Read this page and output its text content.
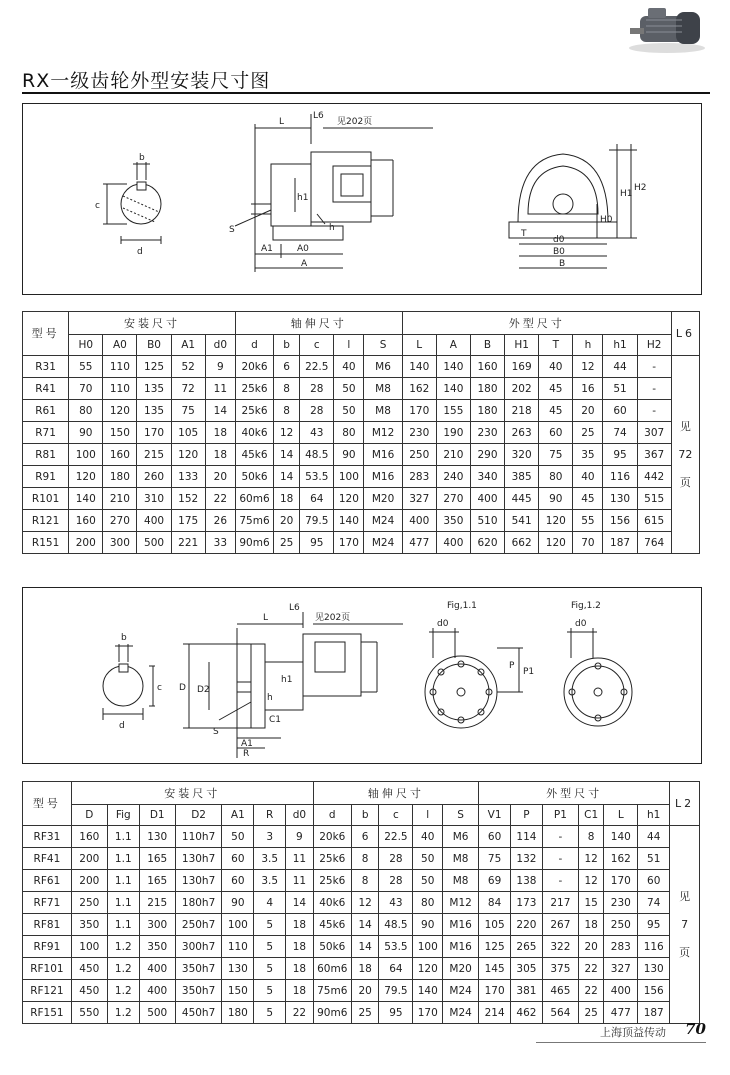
RX一级齿轮外型安装尺寸图
b
c
d
L
L6
见202页
h1
h
S
A1	A0
A
H1
H2
H0
T
d0
B0
B
型号	安装尺寸					轴伸尺寸					外型尺寸								L6
	H0	A0	B0	A1	d0	d	b	c	l	S	L	A	B	H1	T	h	h1	H2	
R31	55	110	125	52	9	20k6	6	22.5	40	M6	140	140	160	169	40	12	44	-	见
72
页

R41	70	110	135	72	11	25k6	8	28	50	M8	162	140	180	202	45	16	51	-	
R61	80	120	135	75	14	25k6	8	28	50	M8	170	155	180	218	45	20	60	-	
R71	90	150	170	105	18	40k6	12	43	80	M12	230	190	230	263	60	25	74	307	
R81	100	160	215	120	18	45k6	14	48.5	90	M16	250	210	290	320	75	35	95	367	
R91	120	180	260	133	20	50k6	14	53.5	100	M16	283	240	340	385	80	40	116	442	
R101	140	210	310	152	22	60m6	18	64	120	M20	327	270	400	445	90	45	130	515	
R121	160	270	400	175	26	75m6	20	79.5	140	M24	400	350	510	541	120	55	156	615	
R151	200	300	500	221	33	90m6	25	95	170	M24	477	400	620	662	120	70	187	764	
b
c
d
L
L6
见202页
D D2
h
h1
S
C1
A1
R
Fig,1.1	Fig,1.2
d0	d0
P1
P
型号	安装尺寸							轴伸尺寸					外型尺寸						L2
	D	Fig	D1	D2	A1	R	d0	d	b	c	l	S	V1	P	P1	C1	L	h1	
RF31	160	1.1	130	110h7	50	3	9	20k6	6	22.5	40	M6	60	114	-	8	140	44	见
7
页

RF41	200	1.1	165	130h7	60	3.5	11	25k6	8	28	50	M8	75	132	-	12	162	51	
RF61	200	1.1	165	130h7	60	3.5	11	25k6	8	28	50	M8	69	138	-	12	170	60	
RF71	250	1.1	215	180h7	90	4	14	40k6	12	43	80	M12	84	173	217	15	230	74	
RF81	350	1.1	300	250h7	100	5	18	45k6	14	48.5	90	M16	105	220	267	18	250	95	
RF91	100	1.2	350	300h7	110	5	18	50k6	14	53.5	100	M16	125	265	322	20	283	116	
RF101	450	1.2	400	350h7	130	5	18	60m6	18	64	120	M20	145	305	375	22	327	130	
RF121	450	1.2	400	350h7	150	5	18	75m6	20	79.5	140	M24	170	381	465	22	400	156	
RF151	550	1.2	500	450h7	180	5	22	90m6	25	95	170	M24	214	462	564	25	477	187	
上海顶益传动 70
